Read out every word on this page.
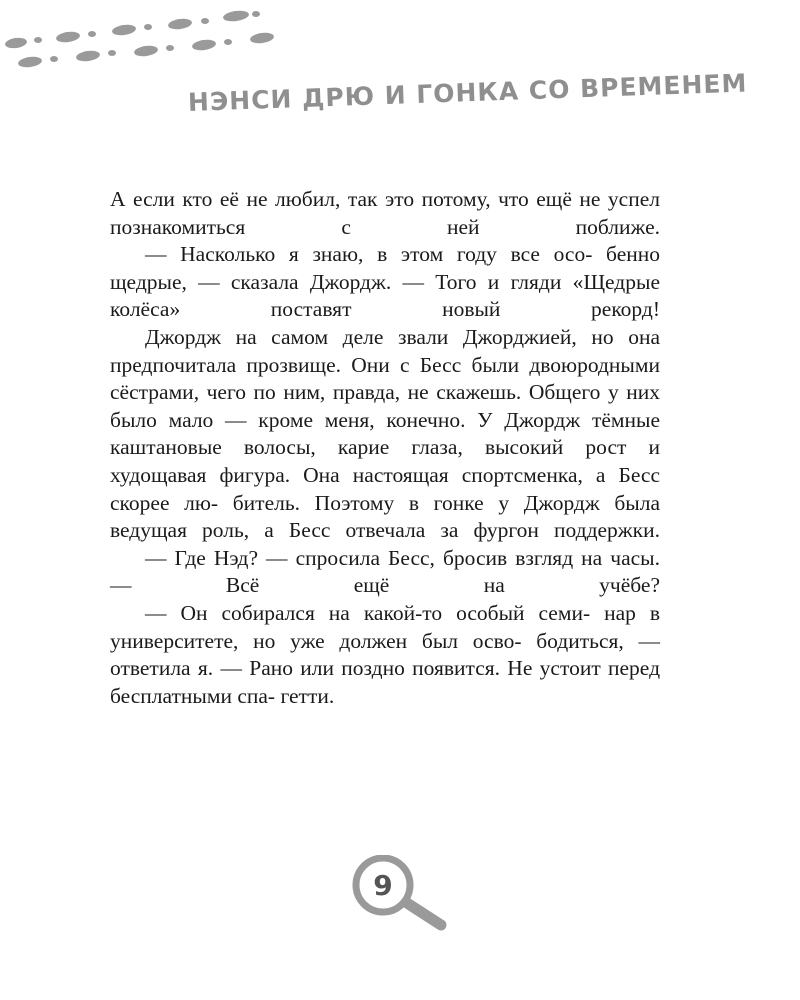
НЭНСИ ДРЮ И ГОНКА СО ВРЕМЕНЕМ

А если кто её не любил, так это потому, что ещё не успел познакомиться с ней поближе.

— Насколько я знаю, в этом году все осо- бенно щедрые, — сказала Джордж. — Того и гляди «Щедрые колёса» поставят новый рекорд!

Джордж на самом деле звали Джорджией, но она предпочитала прозвище. Они с Бесс были двоюродными сёстрами, чего по ним, правда, не скажешь. Общего у них было мало — кроме меня, конечно. У Джордж тёмные каштановые волосы, карие глаза, высокий рост и худощавая фигура. Она настоящая спортсменка, а Бесс скорее лю- битель. Поэтому в гонке у Джордж была ведущая роль, а Бесс отвечала за фургон поддержки.

— Где Нэд? — спросила Бесс, бросив взгляд на часы. — Всё ещё на учёбе?

— Он собирался на какой-то особый семи- нар в университете, но уже должен был осво- бодиться, — ответила я. — Рано или поздно появится. Не устоит перед бесплатными спа- гетти.

9
